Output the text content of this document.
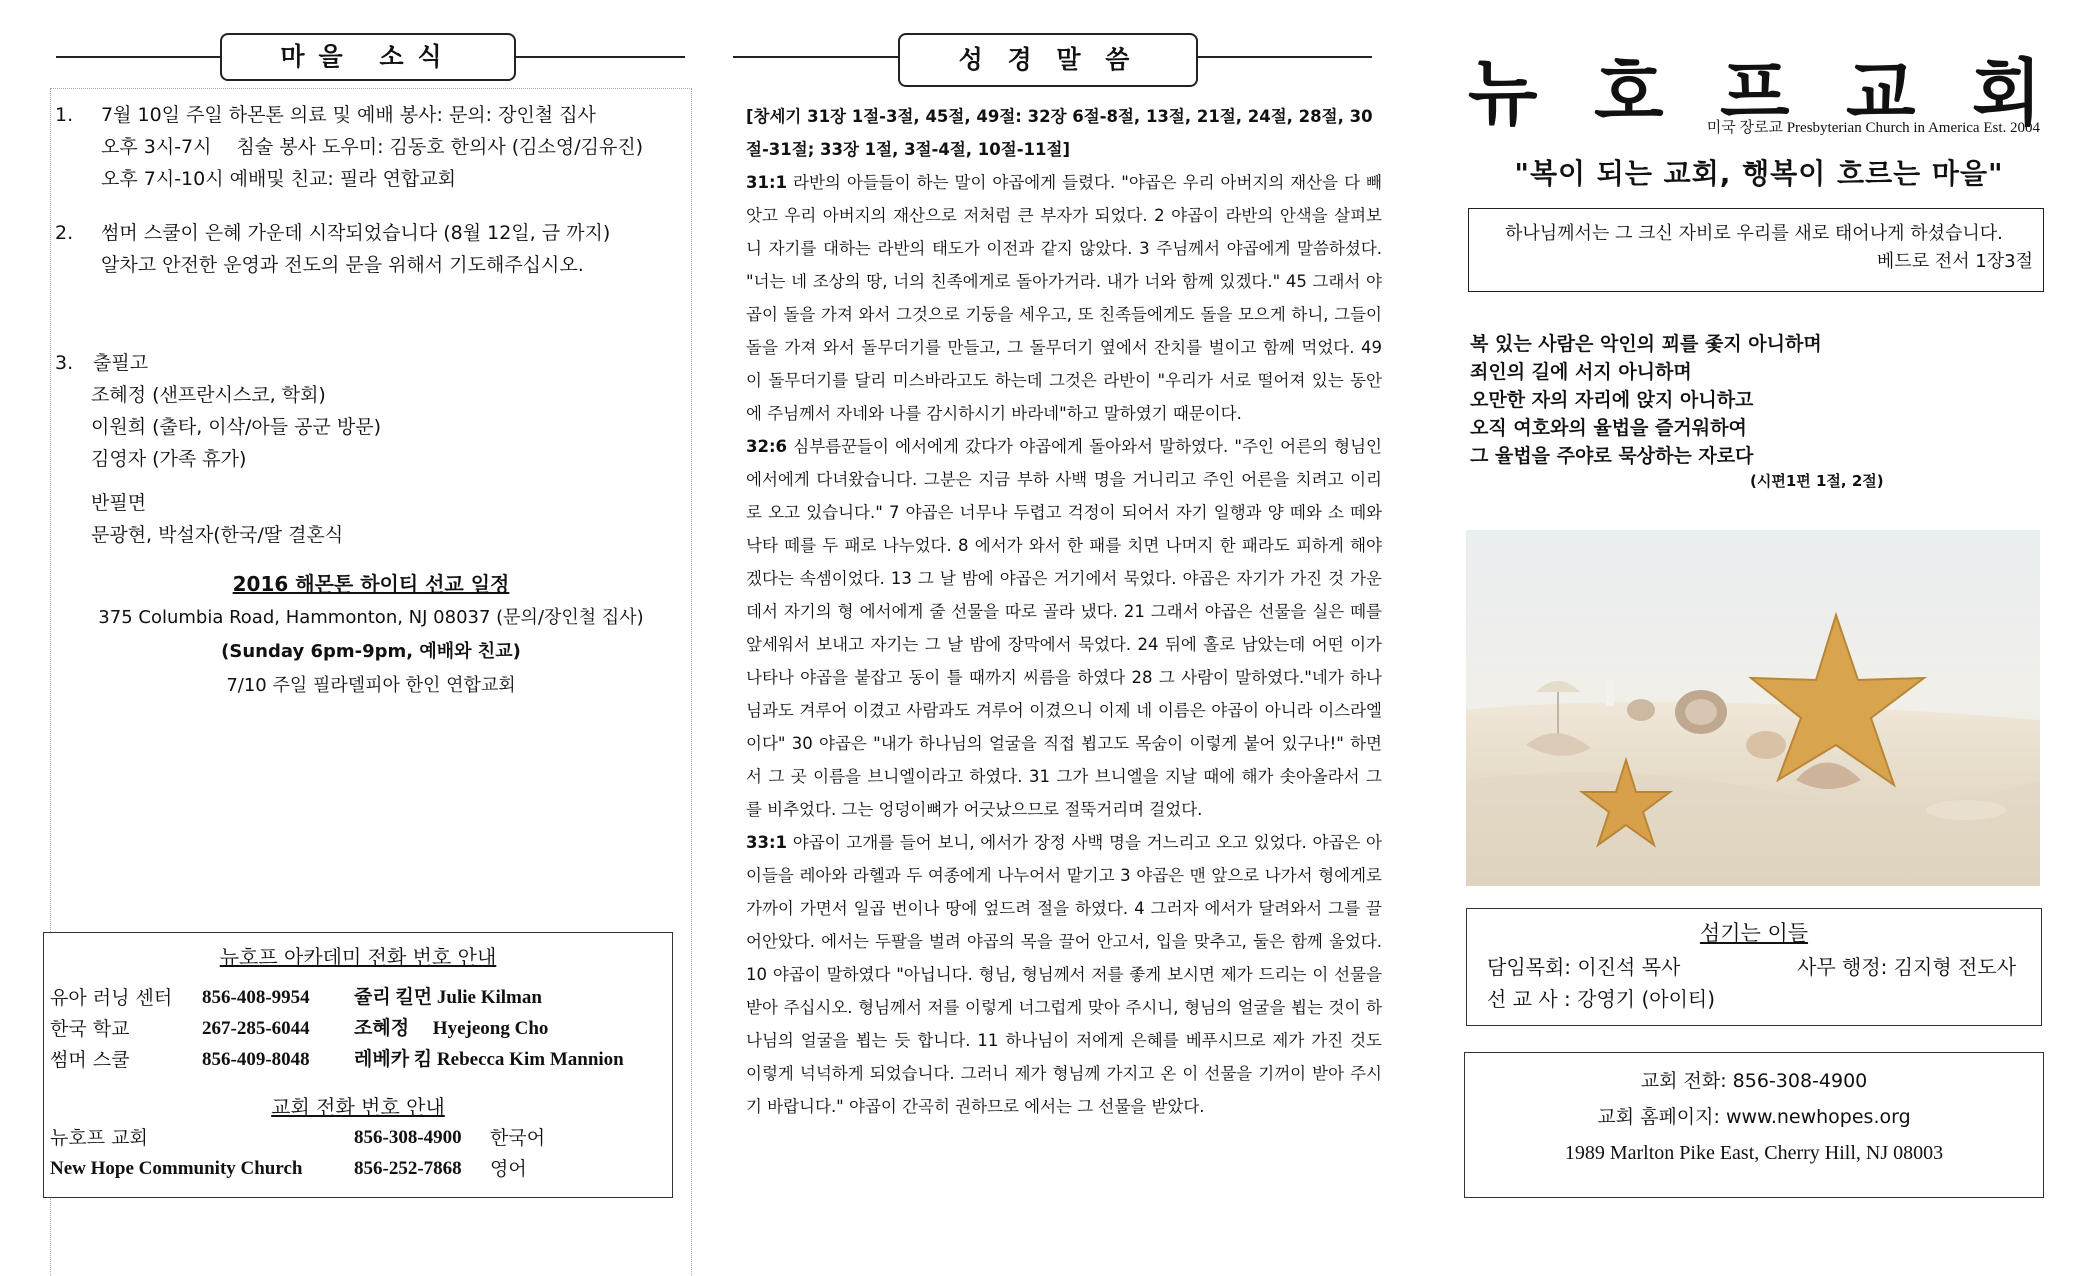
마을 소식
1. 7월 10일 주일 하몬톤 의료 및 예배 봉사: 문의: 장인철 집사
오후 3시-7시 　침술 봉사 도우미: 김동호 한의사 (김소영/김유진)
오후 7시-10시 예배및 친교: 필라 연합교회
2. 썸머 스쿨이 은혜 가운데 시작되었습니다 (8월 12일, 금 까지)
알차고 안전한 운영과 전도의 문을 위해서 기도해주십시오.
3. 출필고
조혜정 (샌프란시스코, 학회)
이원희 (출타, 이삭/아들 공군 방문)
김영자 (가족 휴가)
반필면
문광현, 박설자(한국/딸 결혼식
2016 해몬톤 하이티 선교 일정
375 Columbia Road, Hammonton, NJ 08037 (문의/장인철 집사)
(Sunday 6pm-9pm, 예배와 친교)
7/10 주일 필라델피아 한인 연합교회
뉴호프 아카데미 전화 번호 안내
유아 러닝 센터 856-408-9954 쥴리 킬먼 Julie Kilman
한국 학교	267-285-6044 조혜정　 Hyejeong Cho
썸머 스쿨	856-409-8048 레베카 킴 Rebecca Kim Mannion
교회 전화 번호 안내
뉴호프 교회	856-308-4900 한국어
New Hope Community Church	856-252-7868 영어
성 경 말 씀

[창세기 31장 1절-3절, 45절, 49절: 32장 6절-8절, 13절, 21절, 24절, 28절, 30절-31절; 33장 1절, 3절-4절, 10절-11절]

31:1 라반의 아들들이 하는 말이 야곱에게 들렸다. "야곱은 우리 아버지의 재산을 다 빼앗고 우리 아버지의 재산으로 저처럼 큰 부자가 되었다. 2 야곱이 라반의 안색을 살펴보니 자기를 대하는 라반의 태도가 이전과 같지 않았다. 3 주님께서 야곱에게 말씀하셨다. "너는 네 조상의 땅, 너의 친족에게로 돌아가거라. 내가 너와 함께 있겠다." 45 그래서 야곱이 돌을 가져 와서 그것으로 기둥을 세우고, 또 친족들에게도 돌을 모으게 하니, 그들이 돌을 가져 와서 돌무더기를 만들고, 그 돌무더기 옆에서 잔치를 벌이고 함께 먹었다. 49 이 돌무더기를 달리 미스바라고도 하는데 그것은 라반이 "우리가 서로 떨어져 있는 동안에 주님께서 자네와 나를 감시하시기 바라네"하고 말하였기 때문이다.

32:6 심부름꾼들이 에서에게 갔다가 야곱에게 돌아와서 말하였다. "주인 어른의 형님인 에서에게 다녀왔습니다. 그분은 지금 부하 사백 명을 거니리고 주인 어른을 치려고 이리로 오고 있습니다." 7 야곱은 너무나 두렵고 걱정이 되어서 자기 일행과 양 떼와 소 떼와 낙타 떼를 두 패로 나누었다. 8 에서가 와서 한 패를 치면 나머지 한 패라도 피하게 해야겠다는 속셈이었다. 13 그 날 밤에 야곱은 거기에서 묵었다. 야곱은 자기가 가진 것 가운데서 자기의 형 에서에게 줄 선물을 따로 골라 냈다. 21 그래서 야곱은 선물을 실은 떼를 앞세워서 보내고 자기는 그 날 밤에 장막에서 묵었다. 24 뒤에 홀로 남았는데 어떤 이가 나타나 야곱을 붙잡고 동이 틀 때까지 씨름을 하였다 28 그 사람이 말하였다."네가 하나님과도 겨루어 이겼고 사람과도 겨루어 이겼으니 이제 네 이름은 야곱이 아니라 이스라엘이다" 30 야곱은 "내가 하나님의 얼굴을 직접 뵙고도 목숨이 이렇게 붙어 있구나!" 하면서 그 곳 이름을 브니엘이라고 하였다. 31 그가 브니엘을 지날 때에 해가 솟아올라서 그를 비추었다. 그는 엉덩이뼈가 어긋났으므로 절뚝거리며 걸었다.

33:1 야곱이 고개를 들어 보니, 에서가 장정 사백 명을 거느리고 오고 있었다. 야곱은 아이들을 레아와 라헬과 두 여종에게 나누어서 맡기고 3 야곱은 맨 앞으로 나가서 형에게로 가까이 가면서 일곱 번이나 땅에 엎드려 절을 하였다. 4 그러자 에서가 달려와서 그를 끌어안았다. 에서는 두팔을 벌려 야곱의 목을 끌어 안고서, 입을 맞추고, 둘은 함께 울었다. 10 야곱이 말하였다 "아닙니다. 형님, 형님께서 저를 좋게 보시면 제가 드리는 이 선물을 받아 주십시오. 형님께서 저를 이렇게 너그럽게 맞아 주시니, 형님의 얼굴을 뵙는 것이 하나님의 얼굴을 뵙는 듯 합니다. 11 하나님이 저에게 은혜를 베푸시므로 제가 가진 것도 이렇게 넉넉하게 되었습니다. 그러니 제가 형님께 가지고 온 이 선물을 기꺼이 받아 주시기 바랍니다." 야곱이 간곡히 권하므로 에서는 그 선물을 받았다.

뉴 호 프 교 회
미국 장로교 Presbyterian Church in America Est. 2004
"복이 되는 교회, 행복이 흐르는 마을"
하나님께서는 그 크신 자비로 우리를 새로 태어나게 하셨습니다.
베드로 전서 1장3절
복 있는 사람은 악인의 꾀를 좇지 아니하며
죄인의 길에 서지 아니하며
오만한 자의 자리에 앉지 아니하고
오직 여호와의 율법을 즐거워하여
그 율법을 주야로 묵상하는 자로다
(시편1편 1절, 2절)
섬기는 이들
담임목회: 이진석 목사	사무 행정: 김지형 전도사
선 교 사 : 강영기 (아이티)
교회 전화: 856-308-4900
교회 홈페이지: www.newhopes.org
1989 Marlton Pike East, Cherry Hill, NJ 08003
